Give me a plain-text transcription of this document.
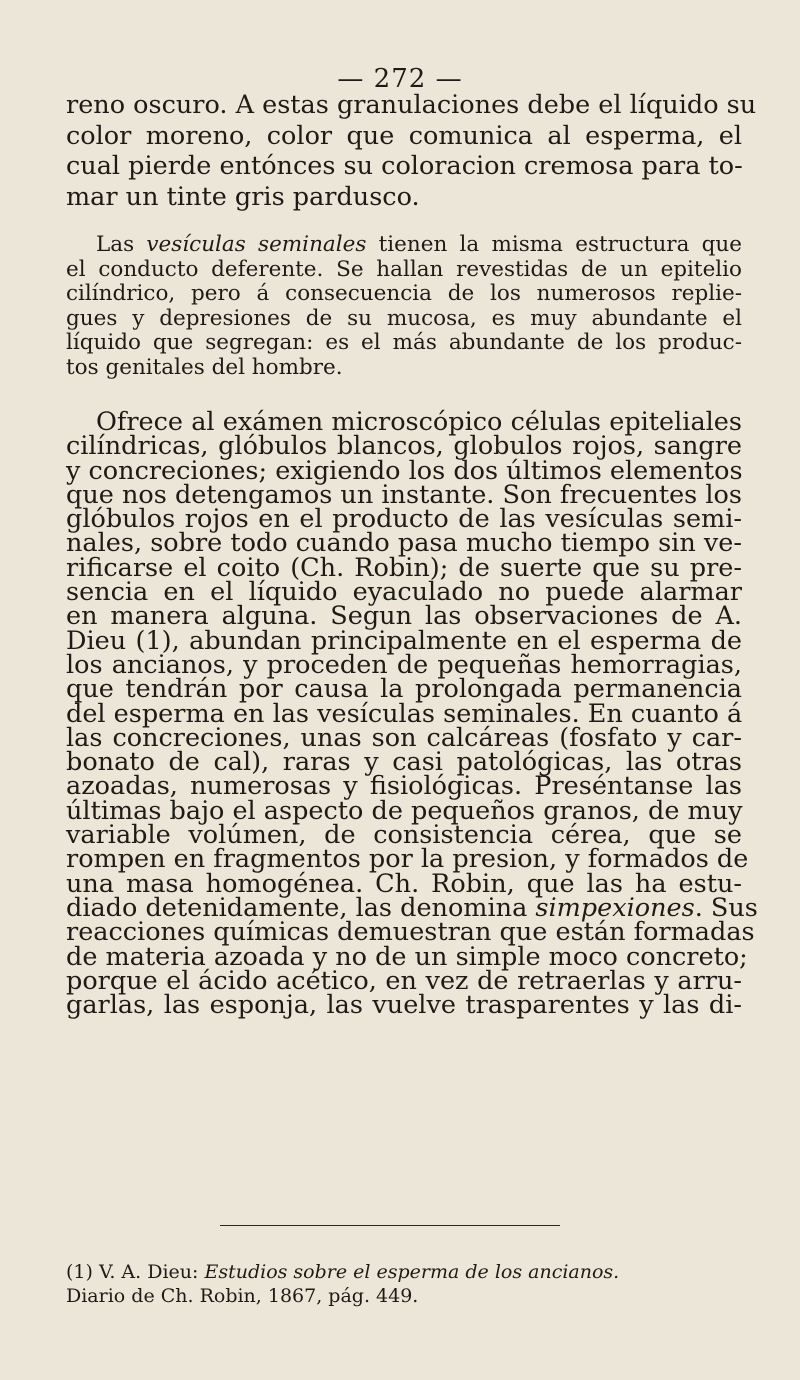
— 272 —
reno oscuro. A estas granulaciones debe el líquido su
color moreno, color que comunica al esperma, el
cual pierde entónces su coloracion cremosa para to-
mar un tinte gris pardusco.
Las vesículas seminales tienen la misma estructura que
el conducto deferente. Se hallan revestidas de un epitelio
cilíndrico, pero á consecuencia de los numerosos replie-
gues y depresiones de su mucosa, es muy abundante el
líquido que segregan: es el más abundante de los produc-
tos genitales del hombre.
Ofrece al exámen microscópico células epiteliales
cilíndricas, glóbulos blancos, globulos rojos, sangre
y concreciones; exigiendo los dos últimos elementos
que nos detengamos un instante. Son frecuentes los
glóbulos rojos en el producto de las vesículas semi-
nales, sobre todo cuando pasa mucho tiempo sin ve-
rificarse el coito (Ch. Robin); de suerte que su pre-
sencia en el líquido eyaculado no puede alarmar
en manera alguna. Segun las observaciones de A.
Dieu (1), abundan principalmente en el esperma de
los ancianos, y proceden de pequeñas hemorragias,
que tendrán por causa la prolongada permanencia
del esperma en las vesículas seminales. En cuanto á
las concreciones, unas son calcáreas (fosfato y car-
bonato de cal), raras y casi patológicas, las otras
azoadas, numerosas y fisiológicas. Preséntanse las
últimas bajo el aspecto de pequeños granos, de muy
variable volúmen, de consistencia cérea, que se
rompen en fragmentos por la presion, y formados de
una masa homogénea. Ch. Robin, que las ha estu-
diado detenidamente, las denomina simpexiones. Sus
reacciones químicas demuestran que están formadas
de materia azoada y no de un simple moco concreto;
porque el ácido acético, en vez de retraerlas y arru-
garlas, las esponja, las vuelve trasparentes y las di-
(1) V. A. Dieu: Estudios sobre el esperma de los ancianos.
Diario de Ch. Robin, 1867, pág. 449.
